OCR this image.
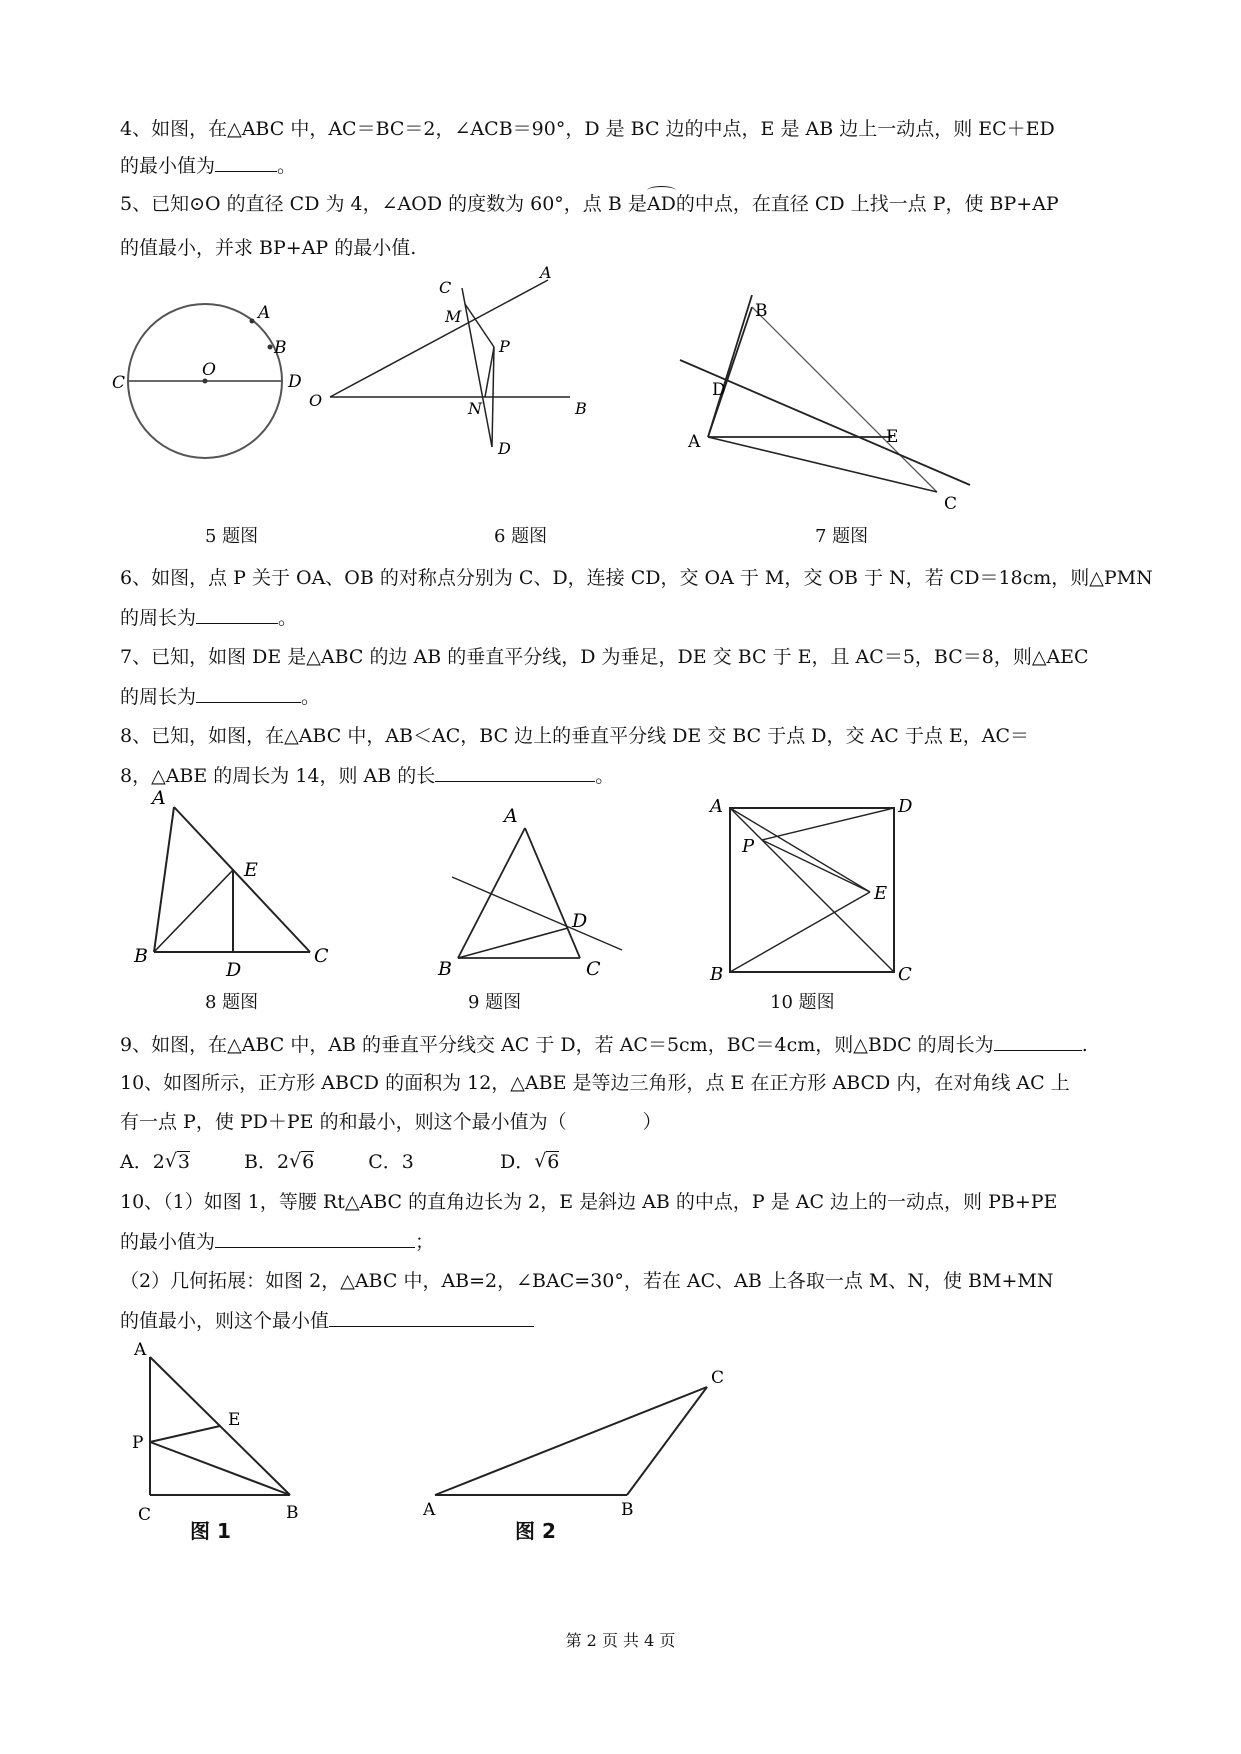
4、如图，在△ABC 中，AC＝BC＝2，∠ACB＝90°，D 是 BC 边的中点，E 是 AB 边上一动点，则 EC＋ED
的最小值为	。
5、已知⊙O 的直径 CD 为 4，∠AOD 的度数为 60°，点 B 是AD的中点，在直径 CD 上找一点 P，使 BP+AP
的值最小，并求 BP+AP 的最小值.
A
B
O
C	D
A
C
M
P
O	N	B
D
B
D
A	E
C
5 题图	6 题图	7 题图
6、如图，点 P 关于 OA、OB 的对称点分别为 C、D，连接 CD，交 OA 于 M，交 OB 于 N，若 CD＝18cm，则△PMN
的周长为	。
7、已知，如图 DE 是△ABC 的边 AB 的垂直平分线，D 为垂足，DE 交 BC 于 E，且 AC＝5，BC＝8，则△AEC
的周长为	。
8、已知，如图，在△ABC 中，AB＜AC，BC 边上的垂直平分线 DE 交 BC 于点 D，交 AC 于点 E，AC＝
8，△ABE 的周长为 14，则 AB 的长	。
A
E
B
D
C
A
D
B	C
A	D
P
E
B	C
8 题图	9 题图	10 题图
9、如图，在△ABC 中，AB 的垂直平分线交 AC 于 D，若 AC＝5cm，BC＝4cm，则△BDC 的周长为	.
10、如图所示，正方形 ABCD 的面积为 12，△ABE 是等边三角形，点 E 在正方形 ABCD 内，在对角线 AC 上
有一点 P，使 PD＋PE 的和最小，则这个最小值为（　　　　）
A．2 √ 3	B．2 √ 6	C．3	D． √ 6
10、（1）如图 1，等腰 Rt△ABC 的直角边长为 2，E 是斜边 AB 的中点，P 是 AC 边上的一动点，则 PB+PE
的最小值为	；
（2）几何拓展：如图 2，△ABC 中，AB=2，∠BAC=30°，若在 AC、AB 上各取一点 M、N，使 BM+MN
的值最小，则这个最小值
A
E
P
C	B
C
A	B
图 1	图 2
第 2 页 共 4 页
